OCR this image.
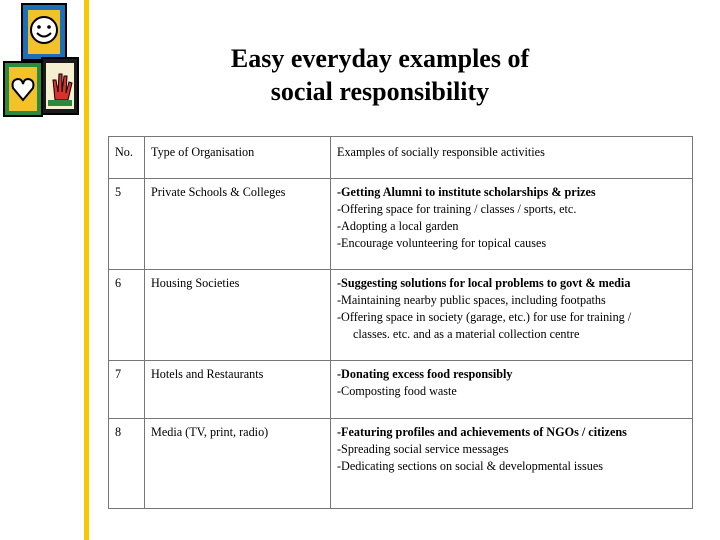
Easy everyday examples of
social responsibility
No.	Type of Organisation	Examples of socially responsible activities
5	Private Schools & Colleges	-Getting Alumni to institute scholarships & prizes
-Offering space for training / classes / sports, etc.
-Adopting a local garden
-Encourage volunteering for topical causes

6	Housing Societies	-Suggesting solutions for local problems to govt & media
-Maintaining nearby public spaces, including footpaths
-Offering space in society (garage, etc.) for use for training /
classes. etc. and as a material collection centre

7	Hotels and Restaurants	-Donating excess food responsibly
-Composting food waste

8	Media (TV, print, radio)	-Featuring profiles and achievements of NGOs / citizens
-Spreading social service messages
-Dedicating sections on social & developmental issues
